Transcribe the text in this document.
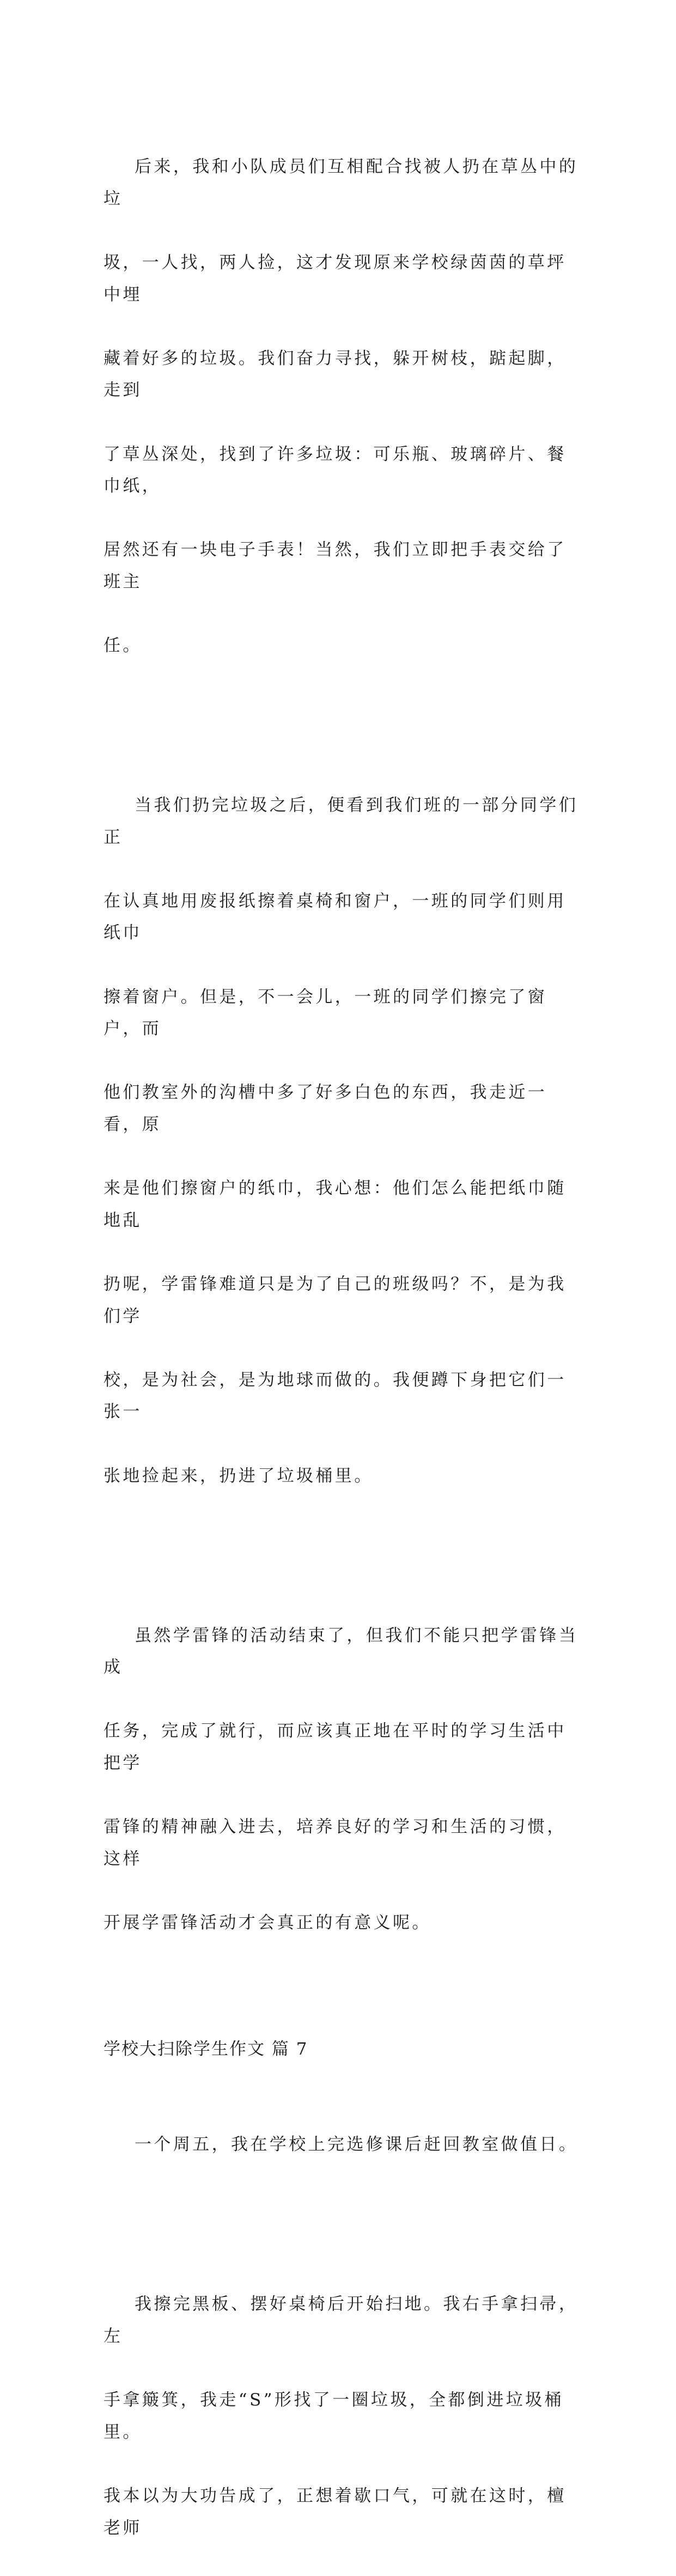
后来，我和小队成员们互相配合找被人扔在草丛中的垃

圾，一人找，两人捡，这才发现原来学校绿茵茵的草坪中埋

藏着好多的垃圾。我们奋力寻找，躲开树枝，踮起脚，走到

了草丛深处，找到了许多垃圾：可乐瓶、玻璃碎片、餐巾纸，

居然还有一块电子手表！当然，我们立即把手表交给了班主

任。

当我们扔完垃圾之后，便看到我们班的一部分同学们正

在认真地用废报纸擦着桌椅和窗户，一班的同学们则用纸巾

擦着窗户。但是，不一会儿，一班的同学们擦完了窗户，而

他们教室外的沟槽中多了好多白色的东西，我走近一看，原

来是他们擦窗户的纸巾，我心想：他们怎么能把纸巾随地乱

扔呢，学雷锋难道只是为了自己的班级吗？不，是为我们学

校，是为社会，是为地球而做的。我便蹲下身把它们一张一

张地捡起来，扔进了垃圾桶里。

虽然学雷锋的活动结束了，但我们不能只把学雷锋当成

任务，完成了就行，而应该真正地在平时的学习生活中把学

雷锋的精神融入进去，培养良好的学习和生活的习惯，这样

开展学雷锋活动才会真正的有意义呢。

学校大扫除学生作文 篇 7

一个周五，我在学校上完选修课后赶回教室做值日。

我擦完黑板、摆好桌椅后开始扫地。我右手拿扫帚，左

手拿簸箕，我走“S”形找了一圈垃圾，全都倒进垃圾桶里。

我本以为大功告成了，正想着歇口气，可就在这时，檀老师
